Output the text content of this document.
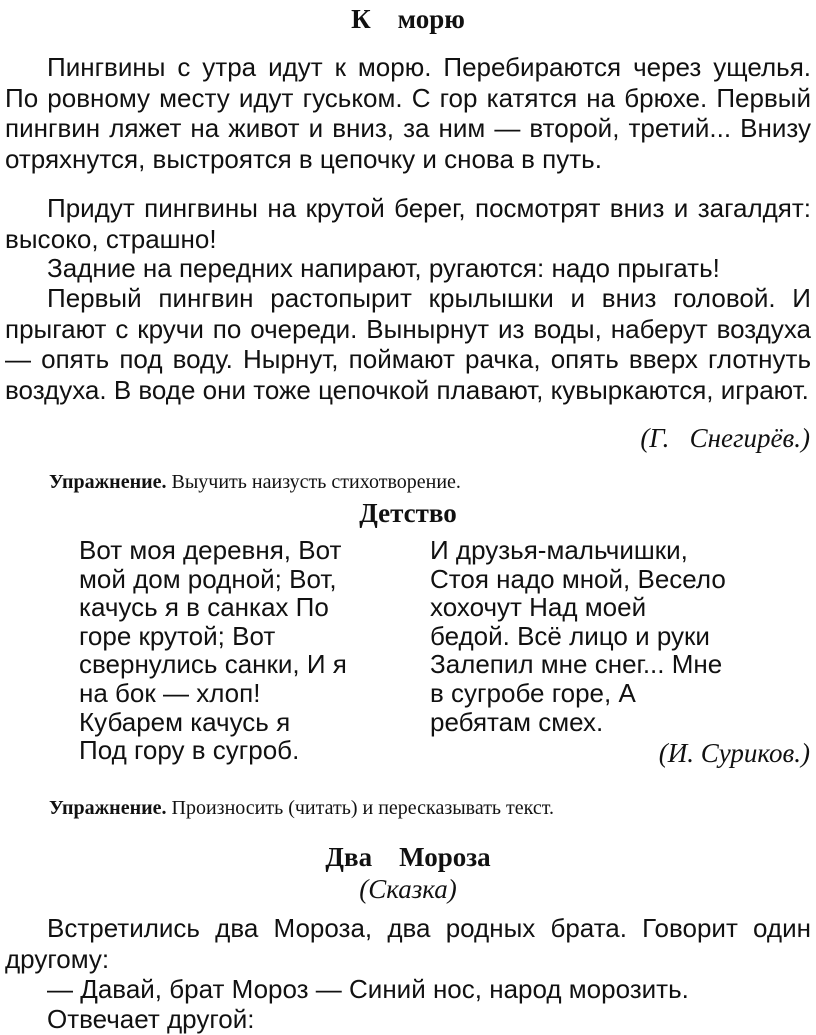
К    морю

Пингвины с утра идут к морю. Перебираются через ущелья. По ровному месту идут гуськом. С гор катятся на брюхе. Первый пингвин ляжет на живот и вниз, за ним — второй, третий... Внизу отряхнутся, выстроятся в цепочку и снова в путь.

Придут пингвины на крутой берег, посмотрят вниз и загалдят: высоко, страшно!

Задние на передних напирают, ругаются: надо прыгать!

Первый пингвин растопырит крылышки и вниз головой. И прыгают с кручи по очереди. Вынырнут из воды, наберут воздуха — опять под воду. Нырнут, поймают рачка, опять вверх глотнуть воздуха. В воде они тоже цепочкой плавают, кувыркаются, играют.

(Г.   Снегирёв.)
Упражнение. Выучить наизусть стихотворение.
Детство
Вот моя деревня, Вот
мой дом родной; Вот,
качусь я в санках По
горе крутой; Вот
свернулись санки, И я
на бок — хлоп!
Кубарем качусь я
Под гору в сугроб.
И друзья-мальчишки,
Стоя надо мной, Весело
хохочут Над моей
бедой. Всё лицо и руки
Залепил мне снег... Мне
в сугробе горе, А
ребятам смех.
(И. Суриков.)
Упражнение. Произносить (читать) и пересказывать текст.
Два    Мороза
(Сказка)

Встретились два Мороза, два родных брата. Говорит один другому:

— Давай, брат Мороз — Синий нос, народ морозить.
Отвечает другой:
